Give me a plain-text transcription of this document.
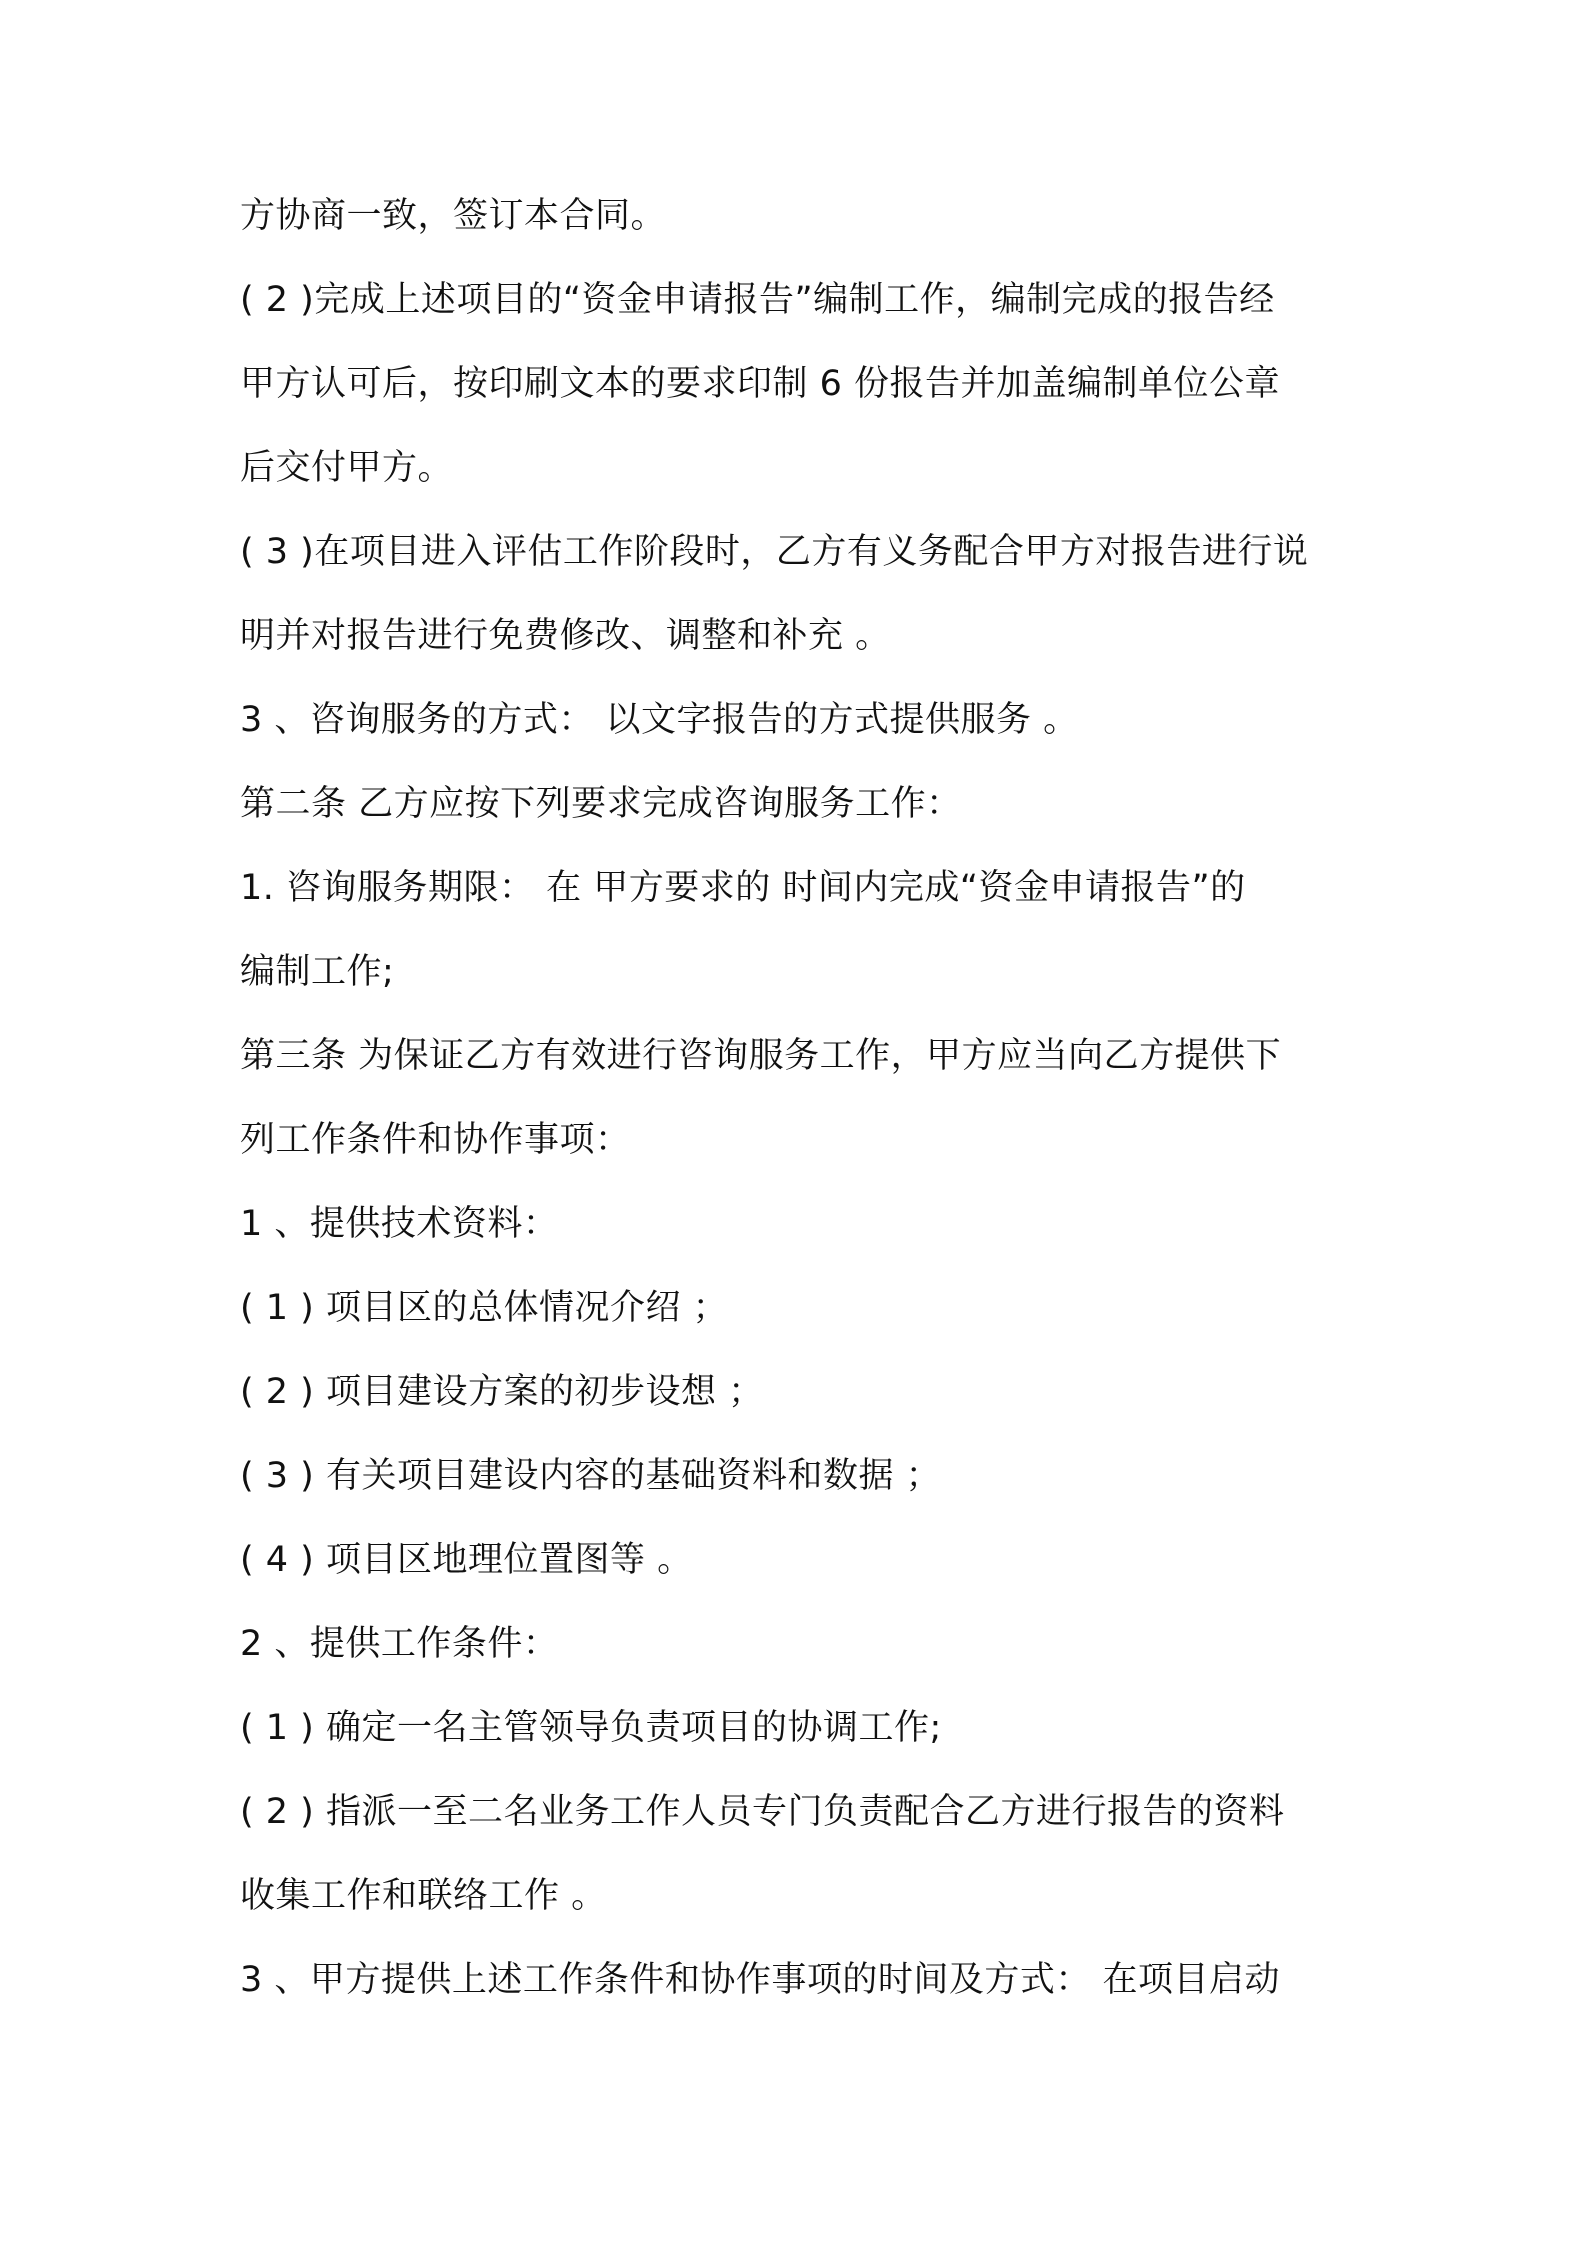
方协商一致，签订本合同。
( 2 )完成上述项目的“资金申请报告”编制工作，编制完成的报告经
甲方认可后，按印刷文本的要求印制 6 份报告并加盖编制单位公章
后交付甲方。
( 3 )在项目进入评估工作阶段时，乙方有义务配合甲方对报告进行说
明并对报告进行免费修改、调整和补充 。
3 、咨询服务的方式： 以文字报告的方式提供服务 。
第二条 乙方应按下列要求完成咨询服务工作：
1. 咨询服务期限： 在 甲方要求的 时间内完成“资金申请报告”的
编制工作;
第三条 为保证乙方有效进行咨询服务工作，甲方应当向乙方提供下
列工作条件和协作事项：
1 、提供技术资料：
( 1 ) 项目区的总体情况介绍 ；
( 2 ) 项目建设方案的初步设想 ；
( 3 ) 有关项目建设内容的基础资料和数据 ；
( 4 ) 项目区地理位置图等 。
2 、提供工作条件：
( 1 ) 确定一名主管领导负责项目的协调工作;
( 2 ) 指派一至二名业务工作人员专门负责配合乙方进行报告的资料
收集工作和联络工作 。
3 、甲方提供上述工作条件和协作事项的时间及方式： 在项目启动
